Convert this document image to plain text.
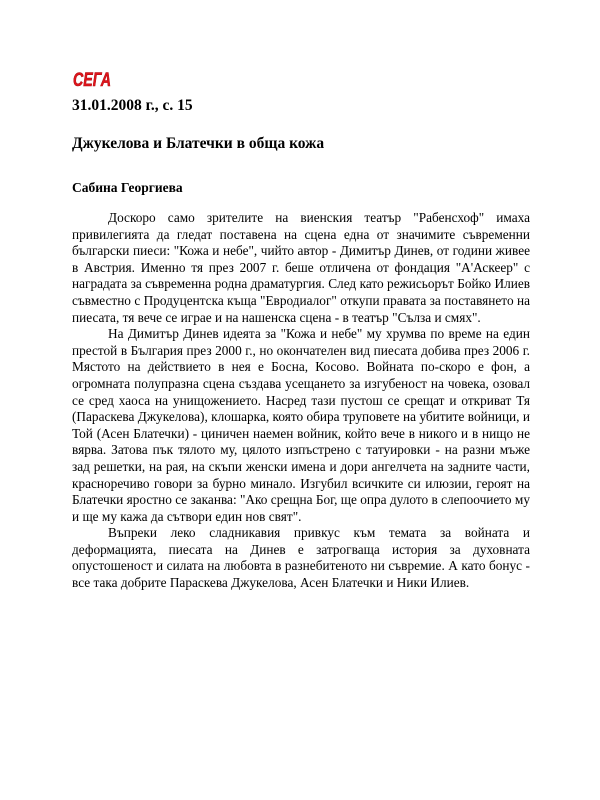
СЕГА
31.01.2008 г., с. 15
Джукелова и Блатечки в обща кожа
Сабина Георгиева

Доскоро само зрителите на виенския театър "Рабенсхоф" имаха привилегията да гледат поставена на сцена една от значимите съвременни български пиеси: "Кожа и небе", чийто автор - Димитър Динев, от години живее в Австрия. Именно тя през 2007 г. беше отличена от фондация "А'Аскеер" с наградата за съвременна родна драматургия. След като режисьорът Бойко Илиев съвместно с Продуцентска къща "Евродиалог" откупи правата за поставянето на пиесата, тя вече се играе и на нашенска сцена - в театър "Сълза и смях".

На Димитър Динев идеята за "Кожа и небе" му хрумва по време на един престой в България през 2000 г., но окончателен вид пиесата добива през 2006 г. Мястото на действието в нея е Босна, Косово. Войната по-скоро е фон, а огромната полупразна сцена създава усещането за изгубеност на човека, озовал се сред хаоса на унищожението. Насред тази пустош се срещат и откриват Тя (Параскева Джукелова), клошарка, която обира труповете на убитите войници, и Той (Асен Блатечки) - циничен наемен войник, който вече в никого и в нищо не вярва. Затова пък тялото му, цялото изпъстрено с татуировки - на разни мъже зад решетки, на рая, на скъпи женски имена и дори ангелчета на задните части, красноречиво говори за бурно минало. Изгубил всичките си илюзии, героят на Блатечки яростно се заканва: "Ако срещна Бог, ще опра дулото в слепоочието му и ще му кажа да сътвори един нов свят".

Въпреки леко сладникавия привкус към темата за войната и деформацията, пиесата на Динев е затрогваща история за духовната опустошеност и силата на любовта в разнебитеното ни съвремие. А като бонус - все така добрите Параскева Джукелова, Асен Блатечки и Ники Илиев.
